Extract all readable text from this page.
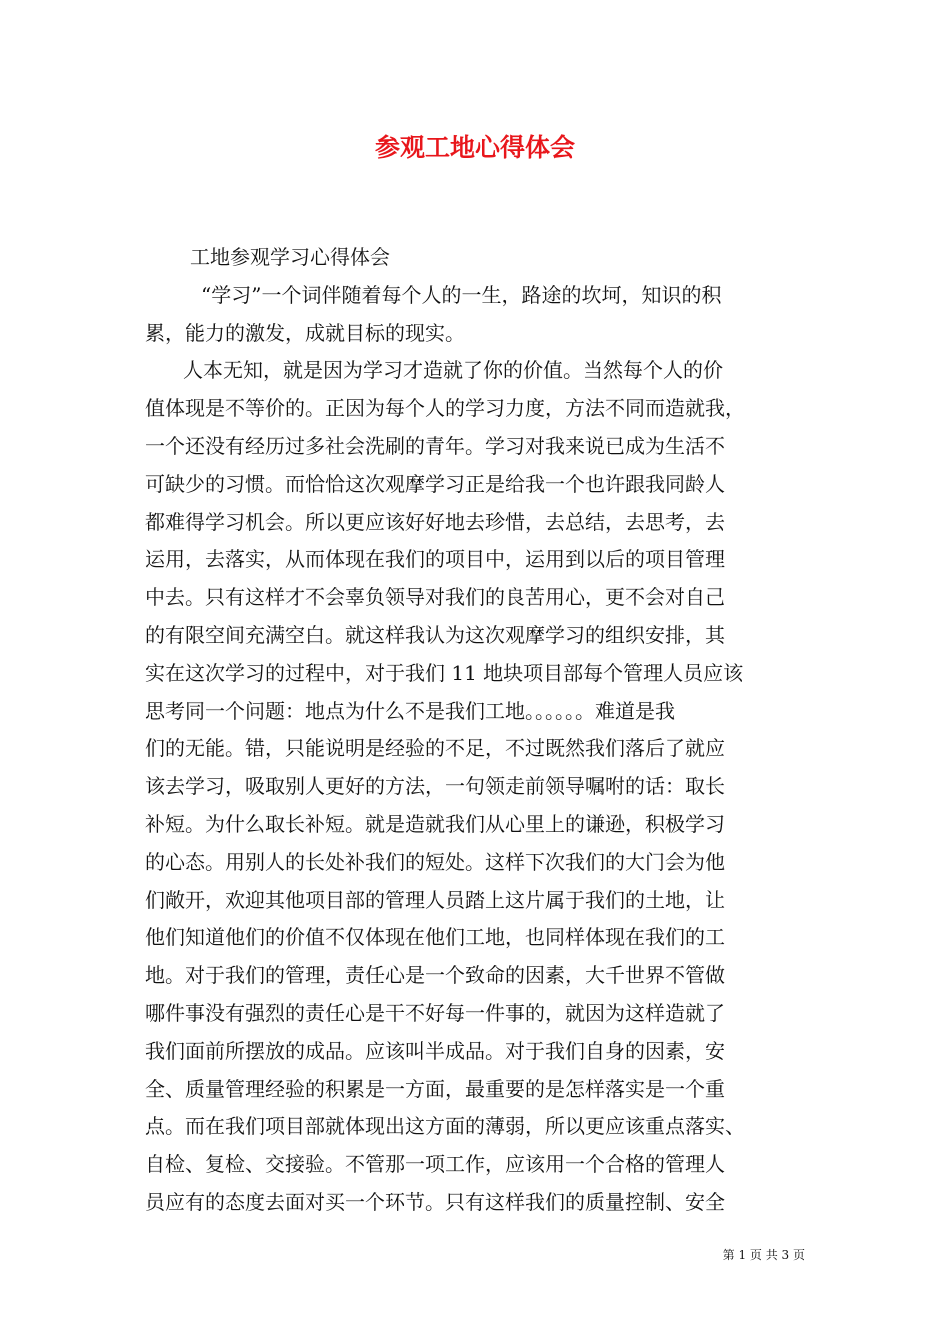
参观工地心得体会

工地参观学习心得体会

“学习”一个词伴随着每个人的一生，路途的坎坷，知识的积

累，能力的激发，成就目标的现实。

人本无知，就是因为学习才造就了你的价值。当然每个人的价

值体现是不等价的。正因为每个人的学习力度，方法不同而造就我，

一个还没有经历过多社会洗刷的青年。学习对我来说已成为生活不

可缺少的习惯。而恰恰这次观摩学习正是给我一个也许跟我同龄人

都难得学习机会。所以更应该好好地去珍惜，去总结，去思考，去

运用，去落实，从而体现在我们的项目中，运用到以后的项目管理

中去。只有这样才不会辜负领导对我们的良苦用心，更不会对自己

的有限空间充满空白。就这样我认为这次观摩学习的组织安排，其

实在这次学习的过程中，对于我们 11 地块项目部每个管理人员应该

思考同一个问题：地点为什么不是我们工地。。。。。。难道是我

们的无能。错，只能说明是经验的不足，不过既然我们落后了就应

该去学习，吸取别人更好的方法，一句领走前领导嘱咐的话：取长

补短。为什么取长补短。就是造就我们从心里上的谦逊，积极学习

的心态。用别人的长处补我们的短处。这样下次我们的大门会为他

们敞开，欢迎其他项目部的管理人员踏上这片属于我们的土地，让

他们知道他们的价值不仅体现在他们工地，也同样体现在我们的工

地。对于我们的管理，责任心是一个致命的因素，大千世界不管做

哪件事没有强烈的责任心是干不好每一件事的，就因为这样造就了

我们面前所摆放的成品。应该叫半成品。对于我们自身的因素，安

全、质量管理经验的积累是一方面，最重要的是怎样落实是一个重

点。而在我们项目部就体现出这方面的薄弱，所以更应该重点落实、

自检、复检、交接验。不管那一项工作，应该用一个合格的管理人

员应有的态度去面对买一个环节。只有这样我们的质量控制、安全

第 1 页 共 3 页
